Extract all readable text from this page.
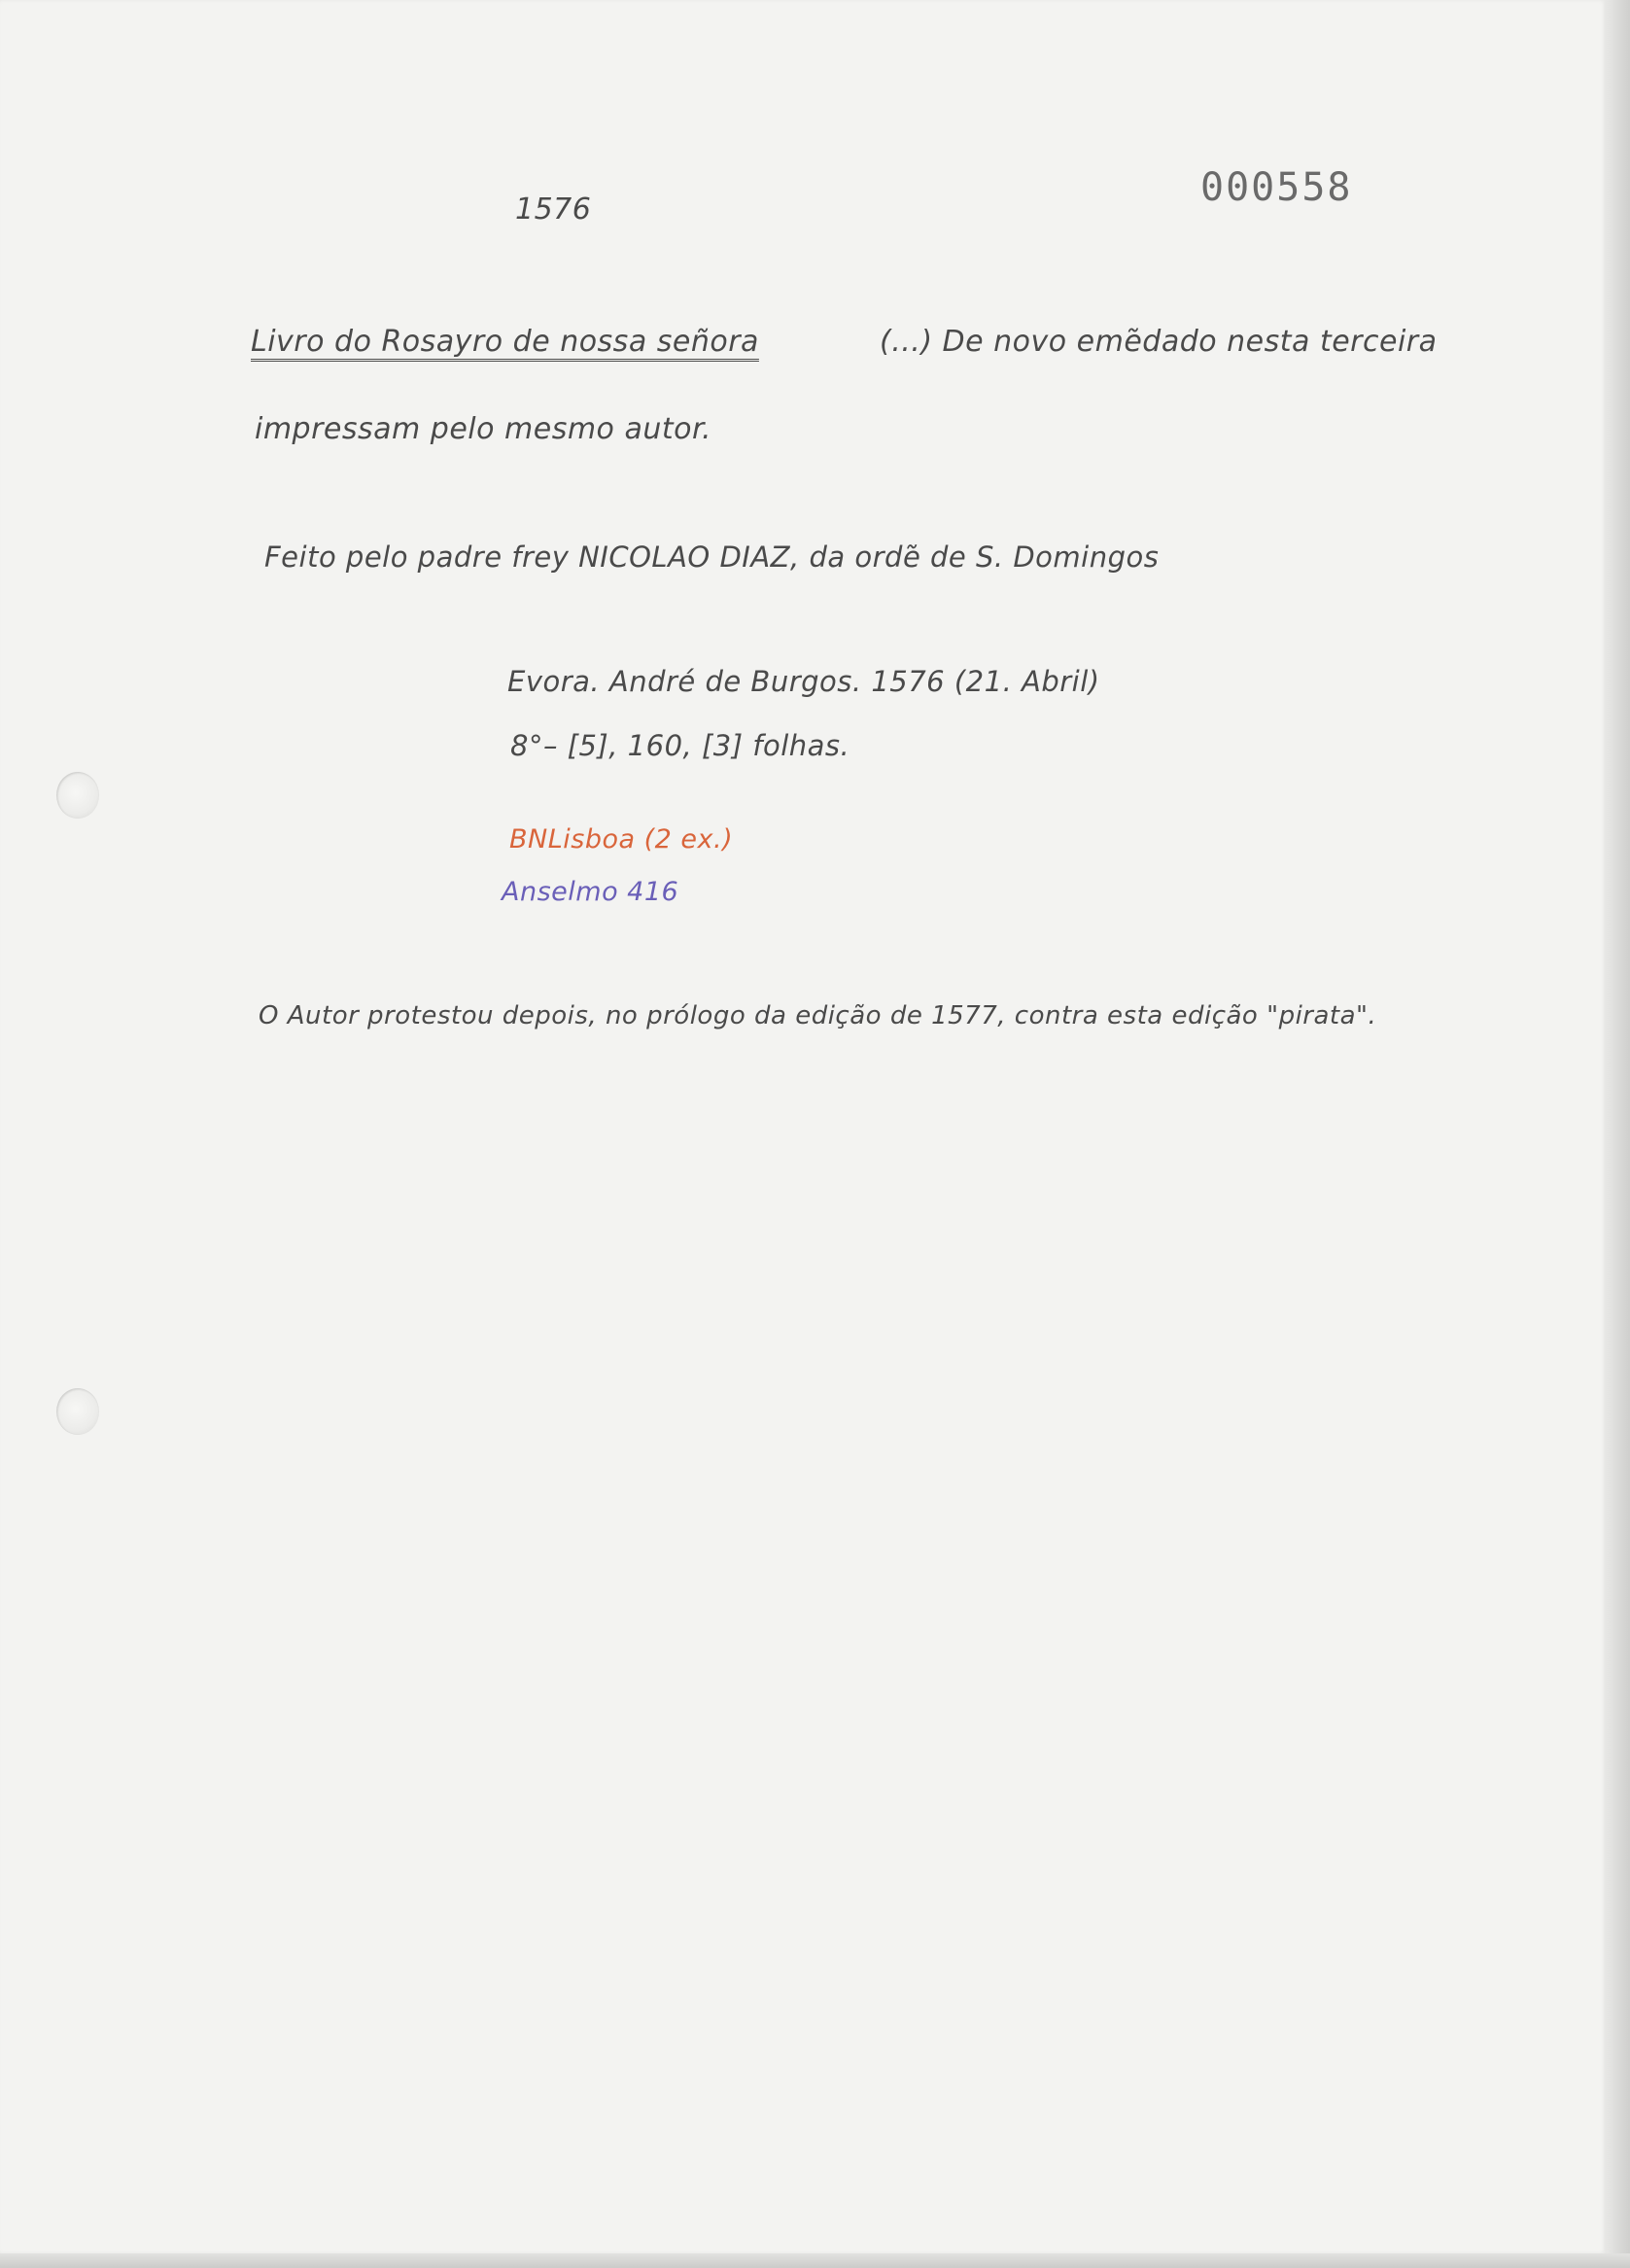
1576	000558
Livro do Rosayro de nossa señora	(...) De novo emẽdado nesta terceira
impressam pelo mesmo autor.
Feito pelo padre frey NICOLAO DIAZ, da ordẽ de S. Domingos
Evora. André de Burgos. 1576 (21. Abril)
8°– [5], 160, [3] folhas.
BNLisboa (2 ex.)
Anselmo 416
O Autor protestou depois, no prólogo da edição de 1577, contra esta edição "pirata".
